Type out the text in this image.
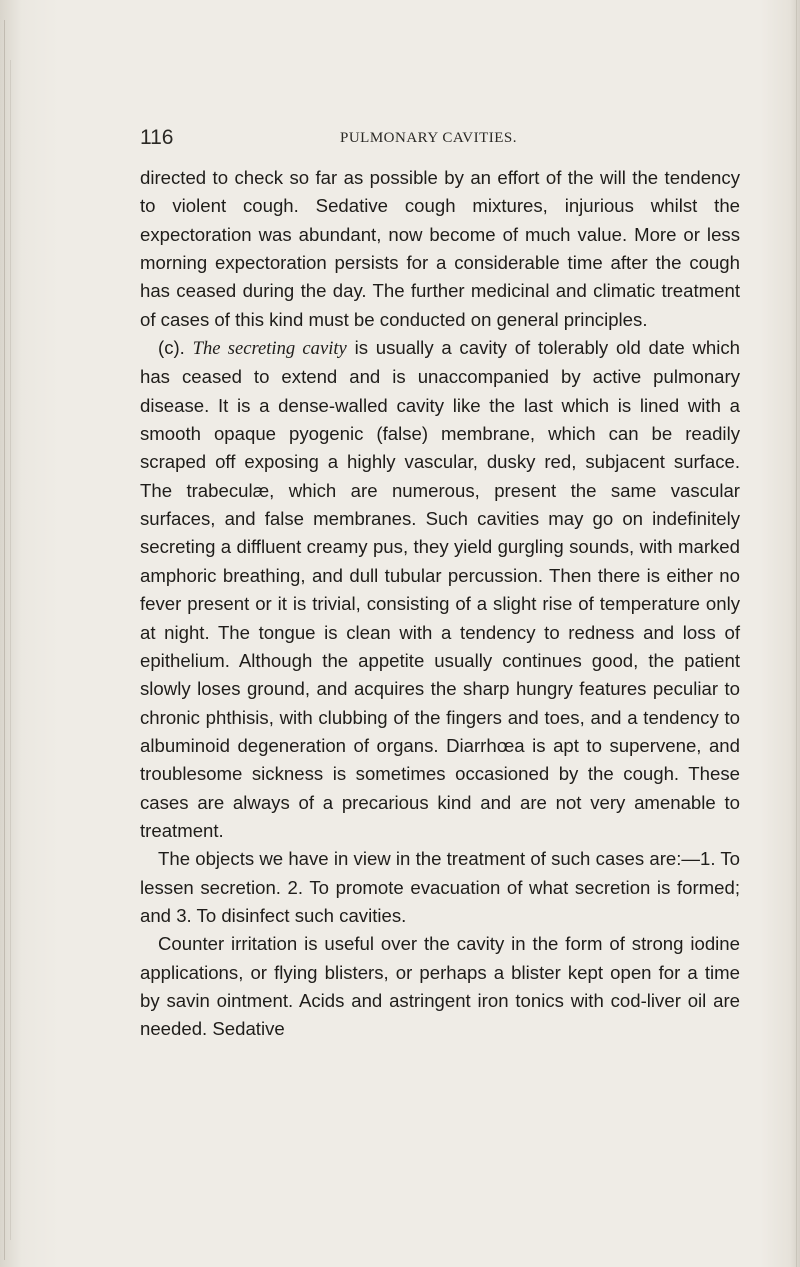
116	PULMONARY CAVITIES.

directed to check so far as possible by an effort of the will the tendency to violent cough. Sedative cough mixtures, injurious whilst the expectoration was abundant, now become of much value. More or less morning expectoration persists for a considerable time after the cough has ceased during the day. The further medicinal and climatic treatment of cases of this kind must be conducted on general principles.

(c). The secreting cavity is usually a cavity of tolerably old date which has ceased to extend and is unaccompanied by active pulmonary disease. It is a dense-walled cavity like the last which is lined with a smooth opaque pyogenic (false) membrane, which can be readily scraped off exposing a highly vascular, dusky red, subjacent surface. The trabeculæ, which are numerous, present the same vascular surfaces, and false membranes. Such cavities may go on indefinitely secreting a diffluent creamy pus, they yield gurgling sounds, with marked amphoric breathing, and dull tubular percussion. Then there is either no fever present or it is trivial, consisting of a slight rise of temperature only at night. The tongue is clean with a tendency to redness and loss of epithelium. Although the appetite usually continues good, the patient slowly loses ground, and acquires the sharp hungry features peculiar to chronic phthisis, with clubbing of the fingers and toes, and a tendency to albuminoid degeneration of organs. Diarrhœa is apt to supervene, and troublesome sickness is sometimes occasioned by the cough. These cases are always of a precarious kind and are not very amenable to treatment.

The objects we have in view in the treatment of such cases are:—1. To lessen secretion. 2. To promote evacuation of what secretion is formed; and 3. To disinfect such cavities.

Counter irritation is useful over the cavity in the form of strong iodine applications, or flying blisters, or perhaps a blister kept open for a time by savin ointment. Acids and astringent iron tonics with cod-liver oil are needed. Sedative
